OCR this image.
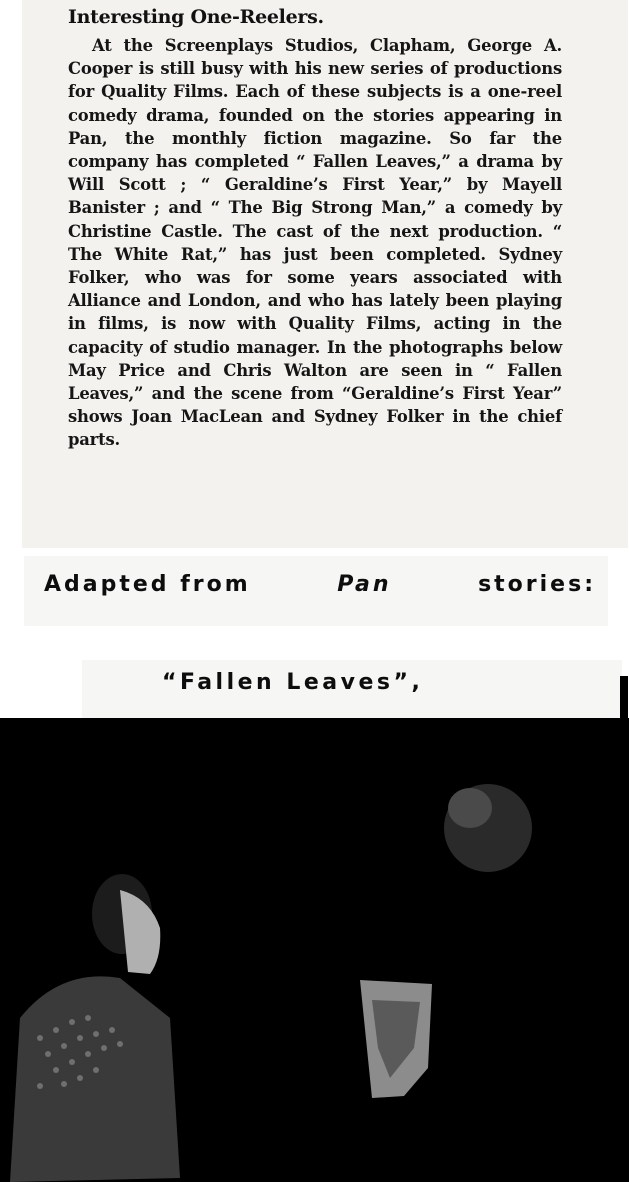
Interesting One-Reelers.
At the Screenplays Studios, Clapham, George A. Cooper is still busy with his new series of productions for Quality Films. Each of these subjects is a one-reel comedy drama, founded on the stories appearing in Pan, the monthly fiction magazine. So far the company has completed “ Fallen Leaves,” a drama by Will Scott ; “ Geraldine’s First Year,” by Mayell Banister ; and “ The Big Strong Man,” a comedy by Christine Castle. The cast of the next production. “ The White Rat,” has just been completed. Sydney Folker, who was for some years associated with Alliance and London, and who has lately been playing in films, is now with Quality Films, acting in the capacity of studio manager. In the photographs below May Price and Chris Walton are seen in “ Fallen Leaves,” and the scene from “Geraldine’s First Year” shows Joan MacLean and Sydney Folker in the chief parts.
Adapted from	Pan	stories:
“Fallen Leaves”,
